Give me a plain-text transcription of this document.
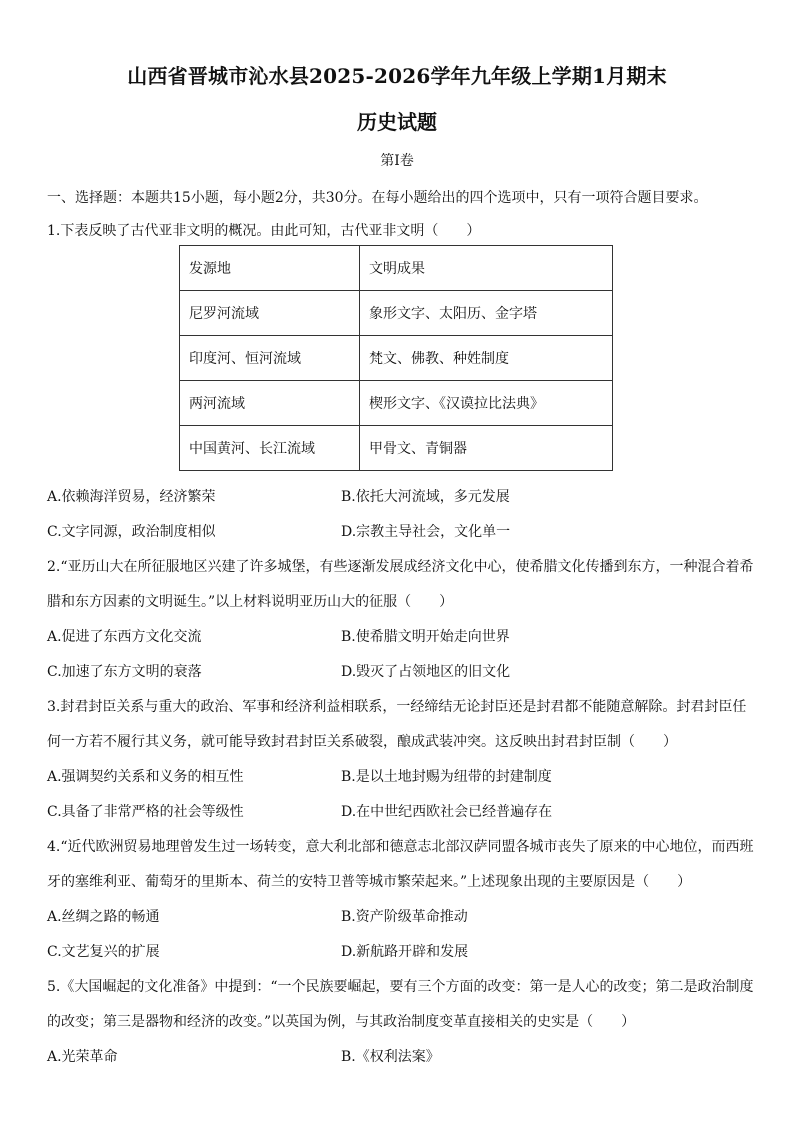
山西省晋城市沁水县2025-2026学年九年级上学期1月期末
历史试题
第Ⅰ卷
一、选择题：本题共15小题，每小题2分，共30分。在每小题给出的四个选项中，只有一项符合题目要求。
1.下表反映了古代亚非文明的概况。由此可知，古代亚非文明（　　）
发源地	文明成果
尼罗河流域	象形文字、太阳历、金字塔
印度河、恒河流域	梵文、佛教、种姓制度
两河流域	楔形文字、《汉谟拉比法典》
中国黄河、长江流域	甲骨文、青铜器
A.依赖海洋贸易，经济繁荣	B.依托大河流域，多元发展
C.文字同源，政治制度相似	D.宗教主导社会，文化单一
2.“亚历山大在所征服地区兴建了许多城堡，有些逐渐发展成经济文化中心，使希腊文化传播到东方，一种混合着希
腊和东方因素的文明诞生。”以上材料说明亚历山大的征服（　　）
A.促进了东西方文化交流	B.使希腊文明开始走向世界
C.加速了东方文明的衰落	D.毁灭了占领地区的旧文化
3.封君封臣关系与重大的政治、军事和经济利益相联系，一经缔结无论封臣还是封君都不能随意解除。封君封臣任
何一方若不履行其义务，就可能导致封君封臣关系破裂，酿成武装冲突。这反映出封君封臣制（　　）
A.强调契约关系和义务的相互性	B.是以土地封赐为纽带的封建制度
C.具备了非常严格的社会等级性	D.在中世纪西欧社会已经普遍存在
4.“近代欧洲贸易地理曾发生过一场转变，意大利北部和德意志北部汉萨同盟各城市丧失了原来的中心地位，而西班
牙的塞维利亚、葡萄牙的里斯本、荷兰的安特卫普等城市繁荣起来。”上述现象出现的主要原因是（　　）
A.丝绸之路的畅通	B.资产阶级革命推动
C.文艺复兴的扩展	D.新航路开辟和发展
5.《大国崛起的文化准备》中提到：“一个民族要崛起，要有三个方面的改变：第一是人心的改变；第二是政治制度
的改变；第三是器物和经济的改变。”以英国为例，与其政治制度变革直接相关的史实是（　　）
A.光荣革命	B.《权利法案》
